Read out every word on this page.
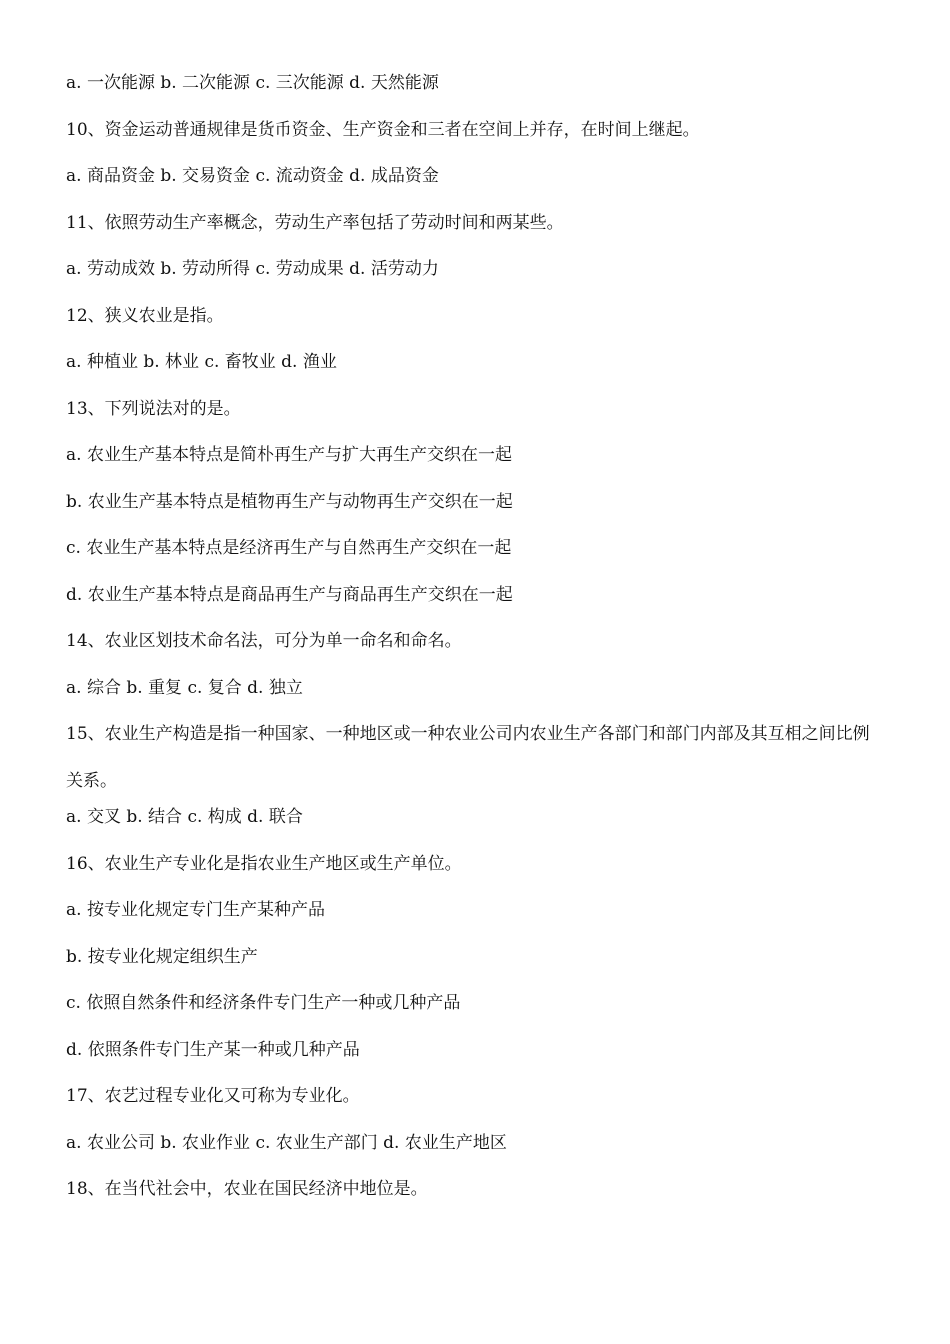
a. 一次能源 b. 二次能源 c. 三次能源 d. 天然能源
10、资金运动普通规律是货币资金、生产资金和三者在空间上并存，在时间上继起。
a. 商品资金 b. 交易资金 c. 流动资金 d. 成品资金
11、依照劳动生产率概念，劳动生产率包括了劳动时间和两某些。
a. 劳动成效 b. 劳动所得 c. 劳动成果 d. 活劳动力
12、狭义农业是指。
a. 种植业 b. 林业 c. 畜牧业 d. 渔业
13、下列说法对的是。
a. 农业生产基本特点是简朴再生产与扩大再生产交织在一起
b. 农业生产基本特点是植物再生产与动物再生产交织在一起
c. 农业生产基本特点是经济再生产与自然再生产交织在一起
d. 农业生产基本特点是商品再生产与商品再生产交织在一起
14、农业区划技术命名法，可分为单一命名和命名。
a. 综合 b. 重复 c. 复合 d. 独立
15、农业生产构造是指一种国家、一种地区或一种农业公司内农业生产各部门和部门内部及其互相之间比例关系。
a. 交叉 b. 结合 c. 构成 d. 联合
16、农业生产专业化是指农业生产地区或生产单位。
a. 按专业化规定专门生产某种产品
b. 按专业化规定组织生产
c. 依照自然条件和经济条件专门生产一种或几种产品
d. 依照条件专门生产某一种或几种产品
17、农艺过程专业化又可称为专业化。
a. 农业公司 b. 农业作业 c. 农业生产部门 d. 农业生产地区
18、在当代社会中，农业在国民经济中地位是。
